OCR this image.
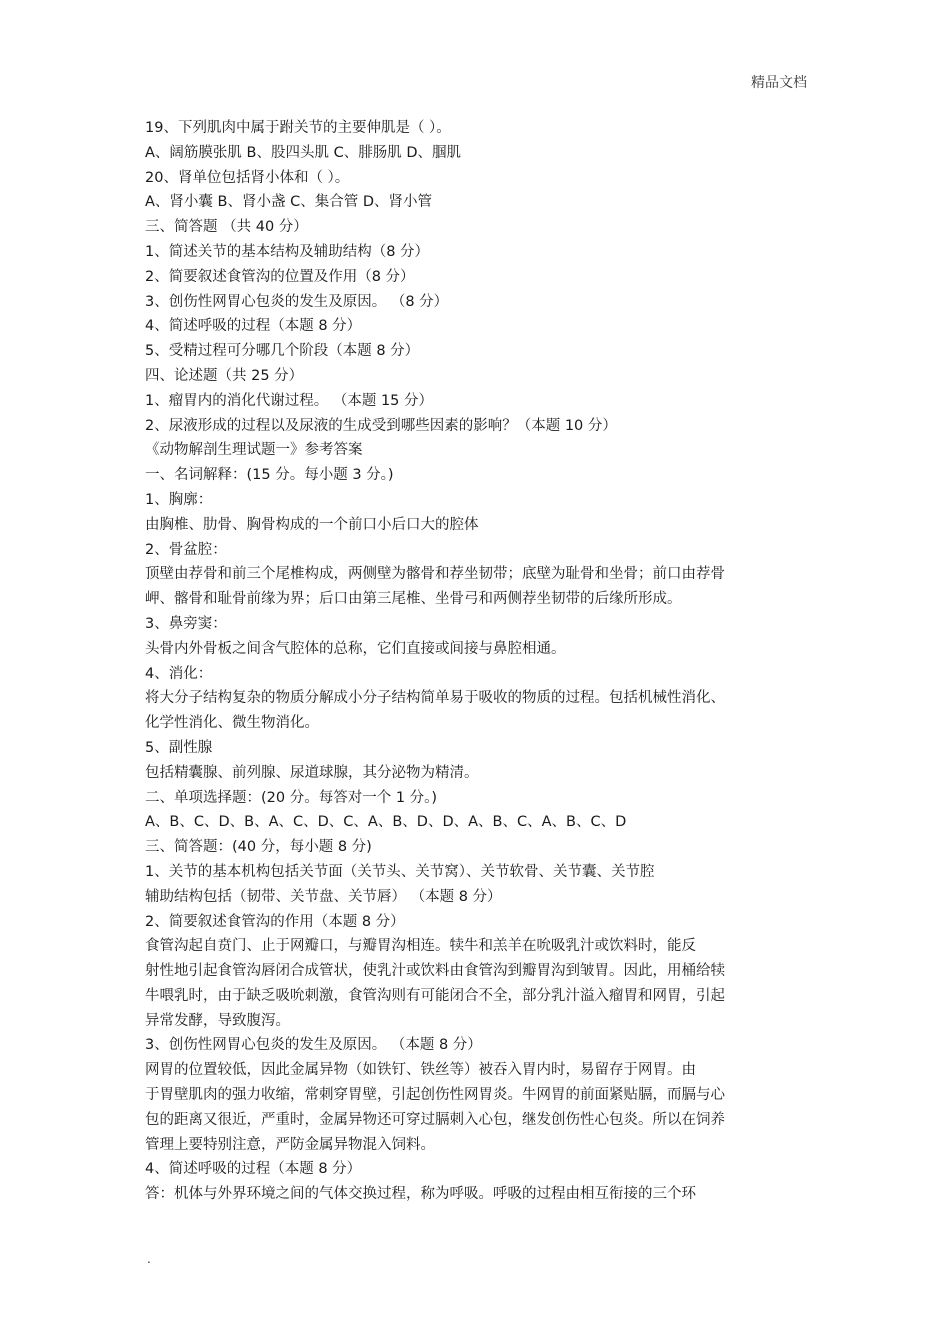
精品文档
19、下列肌肉中属于跗关节的主要伸肌是（ ）。
A、阔筋膜张肌 B、股四头肌 C、腓肠肌 D、腘肌
20、肾单位包括肾小体和（ ）。
A、肾小囊 B、肾小盏 C、集合管 D、肾小管
三、简答题 （共 40 分）
1、简述关节的基本结构及辅助结构（8 分）
2、简要叙述食管沟的位置及作用（8 分）
3、创伤性网胃心包炎的发生及原因。 （8 分）
4、简述呼吸的过程（本题 8 分）
5、受精过程可分哪几个阶段（本题 8 分）
四、论述题（共 25 分）
1、瘤胃内的消化代谢过程。 （本题 15 分）
2、尿液形成的过程以及尿液的生成受到哪些因素的影响？（本题 10 分）
《动物解剖生理试题一》参考答案
一、名词解释：(15 分。每小题 3 分。)
1、胸廓：
由胸椎、肋骨、胸骨构成的一个前口小后口大的腔体
2、骨盆腔：
顶壁由荐骨和前三个尾椎构成，两侧壁为髂骨和荐坐韧带；底壁为耻骨和坐骨；前口由荐骨
岬、髂骨和耻骨前缘为界；后口由第三尾椎、坐骨弓和两侧荐坐韧带的后缘所形成。
3、鼻旁窦：
头骨内外骨板之间含气腔体的总称，它们直接或间接与鼻腔相通。
4、消化：
将大分子结构复杂的物质分解成小分子结构简单易于吸收的物质的过程。包括机械性消化、
化学性消化、微生物消化。
5、副性腺
包括精囊腺、前列腺、尿道球腺，其分泌物为精清。
二、单项选择题：(20 分。每答对一个 1 分。)
A、B、C、D、B、A、C、D、C、A、B、D、D、A、B、C、A、B、C、D
三、简答题：(40 分，每小题 8 分)
1、关节的基本机构包括关节面（关节头、关节窝）、关节软骨、关节囊、关节腔
辅助结构包括（韧带、关节盘、关节唇） （本题 8 分）
2、简要叙述食管沟的作用（本题 8 分）
食管沟起自贲门、止于网瓣口，与瓣胃沟相连。犊牛和羔羊在吮吸乳汁或饮料时，能反
射性地引起食管沟唇闭合成管状，使乳汁或饮料由食管沟到瓣胃沟到皱胃。因此，用桶给犊
牛喂乳时，由于缺乏吸吮刺激，食管沟则有可能闭合不全，部分乳汁溢入瘤胃和网胃，引起
异常发酵，导致腹泻。
3、创伤性网胃心包炎的发生及原因。 （本题 8 分）
网胃的位置较低，因此金属异物（如铁钉、铁丝等）被吞入胃内时，易留存于网胃。由
于胃壁肌肉的强力收缩，常刺穿胃壁，引起创伤性网胃炎。牛网胃的前面紧贴膈，而膈与心
包的距离又很近，严重时，金属异物还可穿过膈刺入心包，继发创伤性心包炎。所以在饲养
管理上要特别注意，严防金属异物混入饲料。
4、简述呼吸的过程（本题 8 分）
答：机体与外界环境之间的气体交换过程，称为呼吸。呼吸的过程由相互衔接的三个环
.
